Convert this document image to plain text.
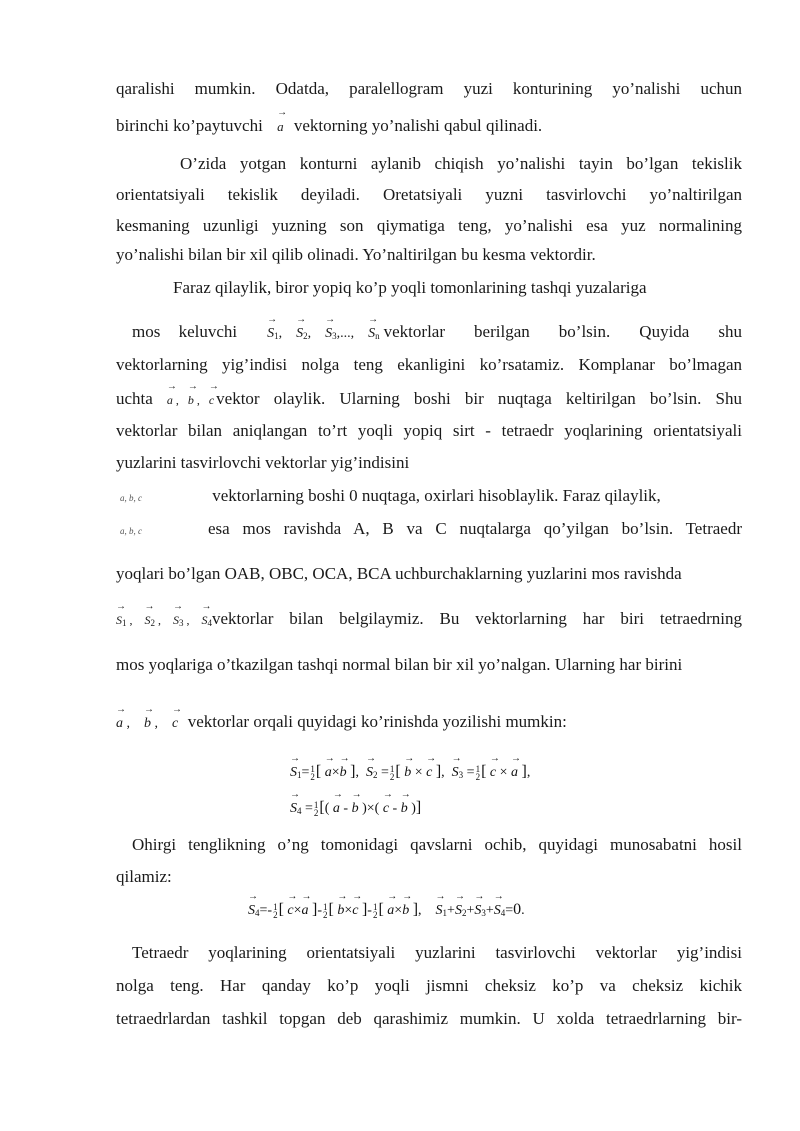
qaralishi mumkin. Odatda, paralellogram yuzi konturining yo’nalishi uchun
birinchi ko’paytuvchi → a vektorning yo’nalishi qabul qilinadi.
O’zida yotgan konturni aylanib chiqish yo’nalishi tayin bo’lgan tekislik
orientatsiyali tekislik deyiladi. Oretatsiyali yuzni tasvirlovchi yo’naltirilgan
kesmaning uzunligi yuzning son qiymatiga teng, yo’nalishi esa yuz normalining
yo’nalishi bilan bir xil qilib olinadi. Yo’naltirilgan bu kesma vektordir.
Faraz qilaylik, biror yopiq ko’p yoqli tomonlarining tashqi yuzalariga
mos keluvchi → $S_1$,    → $S_2$,    → $S_3$,..., → $S_n$ vektorlar berilgan bo’lsin. Quyida shu
vektorlarning yig’indisi nolga teng ekanligini ko’rsatamiz. Komplanar bo’lmagan
uchta → a ,   → b ,   → c vektor olaylik. Ularning boshi bir nuqtaga keltirilgan bo’lsin. Shu
vektorlar bilan aniqlangan to’rt yoqli yopiq sirt - tetraedr yoqlarining orientatsiyali
yuzlarini tasvirlovchi vektorlar yig’indisini
a, b, c	vektorlarning boshi 0 nuqtaga, oxirlari hisoblaylik. Faraz qilaylik,
a, b, c	esa mos ravishda A, B va C nuqtalarga qo’yilgan bo’lsin. Tetraedr
yoqlari bo’lgan OAB, OBC, OCA, BCA uchburchaklarning yuzlarini mos ravishda
→ $S_1$ ,    → $S_2$ ,    → $S_3$ ,    → $S_4$ vektorlar bilan belgilaymiz. Bu vektorlarning har biri tetraedrning
mos yoqlariga o’tkazilgan tashqi normal bilan bir xil yo’nalgan. Ularning har birini
→ a ,    → b ,    → c vektorlar orqali quyidagi ko’rinishda yozilishi mumkin:
→ $S_1=1$
2[ → a×→ b ],  → $S_2 =1$
2[ → b × → c ],  → $S_3 =1$
2[ → c × → a ],
→ $S_4 =1$
2[( → a - → b )×( → c - → b )]
Ohirgi tenglikning o’ng tomonidagi qavslarni ochib, quyidagi munosabatni hosil
qilamiz:
→ $S_4=-1$
2[ → c×→ a ]-1
2[ → b×→ c ]-1
2[ → a×→ b ],    → $S_1+\to S_2+\to S_3+\to S_4=0$.
Tetraedr yoqlarining orientatsiyali yuzlarini tasvirlovchi vektorlar yig’indisi
nolga teng. Har qanday ko’p yoqli jismni cheksiz ko’p va cheksiz kichik
tetraedrlardan tashkil topgan deb qarashimiz mumkin. U xolda tetraedrlarning bir-
